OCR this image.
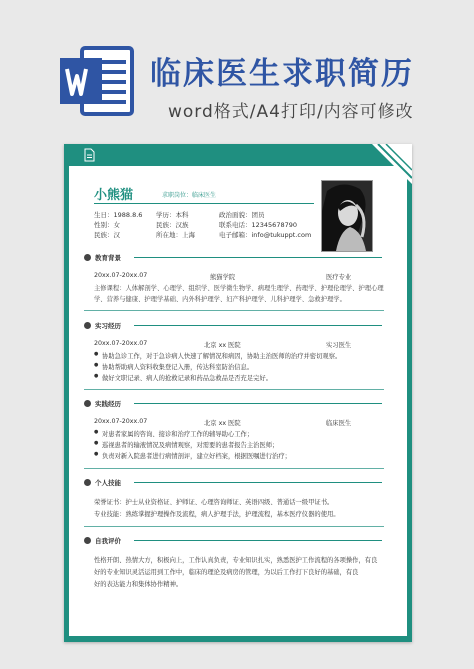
临床医生求职简历
word格式/A4打印/内容可修改
小熊猫	求职岗位：临床医生
生日：1988.8.6 学历：本科	政治面貌：团员
性别：女	民族：汉族	联系电话：12345678790
民族：汉	所在地：上海	电子邮箱：info@tukuppt.com
教育背景
20xx.07-20xx.07	熊猫学院	医疗专业
主修课程：人体解剖学、心理学、组织学、医学微生物学、病理生理学、药理学、护理伦理学、护理心理
学、营养与健康、护理学基础、内外科护理学、妇产科护理学、儿科护理学、急救护理学。
实习经历
20xx.07-20xx.07	北京 xx 医院	实习医生
● 协助急诊工作，对于急诊病人快速了解情况和病因，协助主治医师的治疗并密切观察。
● 协助帮助病人资料收集登记入册，传达科室防治信息。
● 做好文职记录、病人的抢救记录和药品急救品是否充足完好。
实践经历
20xx.07-20xx.07	北京 xx 医院	临床医生
● 对患者家属的咨询、接诊和治疗工作的辅导助心工作；
● 巡视患者的输液情况及病情观察，对需要的患者报告主治医师；
● 负责对新入院患者进行病情剖评，建立好档案，根据医嘱进行治疗；
个人技能
荣誉证书：护士从业资格证、护师证、心理咨询师证、英语四级、普通话一级甲证书。
专业技能：熟练掌握护理操作及流程，病人护理手法，护理流程，基本医疗仪器的使用。
自我评价
性格开朗、热情大方，积极向上，工作认真负责，专业知识扎实，熟悉医护工作流程的各项操作，有良
好的专业知识灵活运用到工作中，临床的理论及病房的管理，为以后工作打下良好的基础，有良
好的表达能力和集体协作精神。
